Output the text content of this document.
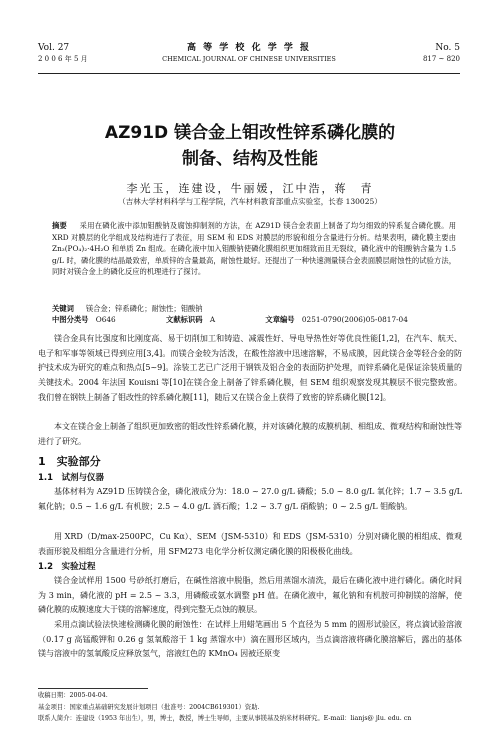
Vol. 27
2 0 0 6 年 5 月
高 等 学 校 化 学 学 报
CHEMICAL JOURNAL OF CHINESE UNIVERSITIES
No. 5
817 ~ 820
AZ91D 镁合金上钼改性锌系磷化膜的
制备、结构及性能
李光玉，连建设，牛丽媛，江中浩，蒋　青
（吉林大学材料科学与工程学院，汽车材料教育部重点实验室，长春 130025）
摘要 　 采用在磷化液中添加钼酸钠及腐蚀抑制剂的方法，在 AZ91D 镁合金表面上制备了均匀细致的锌系复合磷化膜。用 XRD 对膜层的化学组成及结构进行了表征，用 SEM 和 EDS 对膜层的形貌和组分含量进行分析。结果表明，磷化膜主要由 Zn₃(PO₄)₂·4H₂O 和单质 Zn 组成。在磷化液中加入钼酸钠使磷化膜组织更加细致而且无裂纹，磷化液中的钼酸钠含量为 1.5 g/L 时，磷化膜的结晶最致密，单质锌的含量最高，耐蚀性最好。还提出了一种快速测量镁合金表面膜层耐蚀性的试验方法，同时对镁合金上的磷化反应的机理进行了探讨。
关键词 　 镁合金；锌系磷化；耐蚀性；钼酸钠
中图分类号　 O646	文献标识码　 A	文章编号　 0251-0790(2006)05-0817-04
镁合金具有比强度和比刚度高、易于切削加工和铸造、减震性好、导电导热性好等优良性能[1,2]，在汽车、航天、电子和军事等领域已得到应用[3,4]。而镁合金较为活泼，在酸性溶液中迅速溶解，不易成膜，因此镁合金等轻合金的防护技术成为研究的难点和热点[5~9]。涂装工艺已广泛用于钢铁及铝合金的表面防护处理，而锌系磷化是保证涂装质量的关键技术。2004 年法国 Kouisni 等[10]在镁合金上制备了锌系磷化膜，但 SEM 组织观察发现其膜层不很完整致密。我们曾在钢铁上制备了钼改性的锌系磷化膜[11]，随后又在镁合金上获得了致密的锌系磷化膜[12]。
本文在镁合金上制备了组织更加致密的钼改性锌系磷化膜，并对该磷化膜的成膜机制、相组成、微观结构和耐蚀性等进行了研究。
1　实验部分
1.1　试剂与仪器
基体材料为 AZ91D 压铸镁合金，磷化液成分为：18.0 ~ 27.0 g/L 磷酸；5.0 ~ 8.0 g/L 氧化锌；1.7 ~ 3.5 g/L 氟化钠；0.5 ~ 1.6 g/L 有机胺；2.5 ~ 4.0 g/L 酒石酸；1.2 ~ 3.7 g/L 硝酸钠；0 ~ 2.5 g/L 钼酸钠。
用 XRD（D/max-2500PC，Cu Kα）、SEM（JSM-5310）和 EDS（JSM-5310）分别对磷化膜的相组成、微观表面形貌及相组分含量进行分析，用 SFM273 电化学分析仪测定磷化膜的阳极极化曲线。
1.2　实验过程
镁合金试样用 1500 号砂纸打磨后，在碱性溶液中脱脂，然后用蒸馏水清洗，最后在磷化液中进行磷化。磷化时间为 3 min，磷化液的 pH = 2.5 ~ 3.3，用磷酸或氨水调整 pH 值。在磷化液中，氟化钠和有机胺可抑制镁的溶解，使磷化膜的成膜速度大于镁的溶解速度，得到完整无点蚀的膜层。
采用点滴试验法快速检测磷化膜的耐蚀性：在试样上用蜡笔画出 5 个直径为 5 mm 的圆形试验区，将点滴试验溶液（0.17 g 高锰酸钾和 0.26 g 氢氧酸溶于 1 kg 蒸馏水中）滴在圆形区域内，当点滴溶液将磷化膜溶解后，露出的基体镁与溶液中的氢氧酸反应释放氢气，溶液红色的 KMnO₄ 因被还原变
收稿日期：2005-04-04.
基金项目：国家重点基础研究发展计划项目（批准号：2004CB619301）资助.
联系人简介：连建设（1953 年出生），男，博士，教授，博士生导师，主要从事镁基及纳米材料研究。E-mail：lianjs@ jlu. edu. cn
